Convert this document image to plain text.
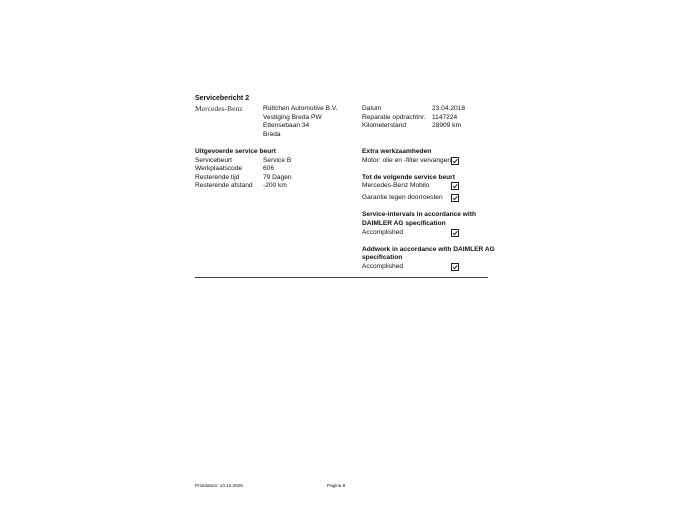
Servicebericht 2
Mercedes-Benz	Rüttchen Automotive B.V.
Vestiging Breda PW
Ettensebaan 34
Breda
Datum	23.04.2018
Reparatie opdrachtnr. 1147224
Kilometerstand	28909 km
Uitgevoerde service beurt
Servicebeurt	Service B
Werkplaatscode	606
Resterende tijd	79 Dagen
Resterende afstand -200 km
Extra werkzaamheden
Motor: olie en -filter vervangen
Tot de volgende service beurt
Mercedes-Benz Mobilo
Garantie tegen doorroesten
Service-intervals in accordance with
DAIMLER AG specification
Accomplished
Addwork in accordance with DAIMLER AG
specification
Accomplished
Printdatum: 13.10.2025	Pagina 8
